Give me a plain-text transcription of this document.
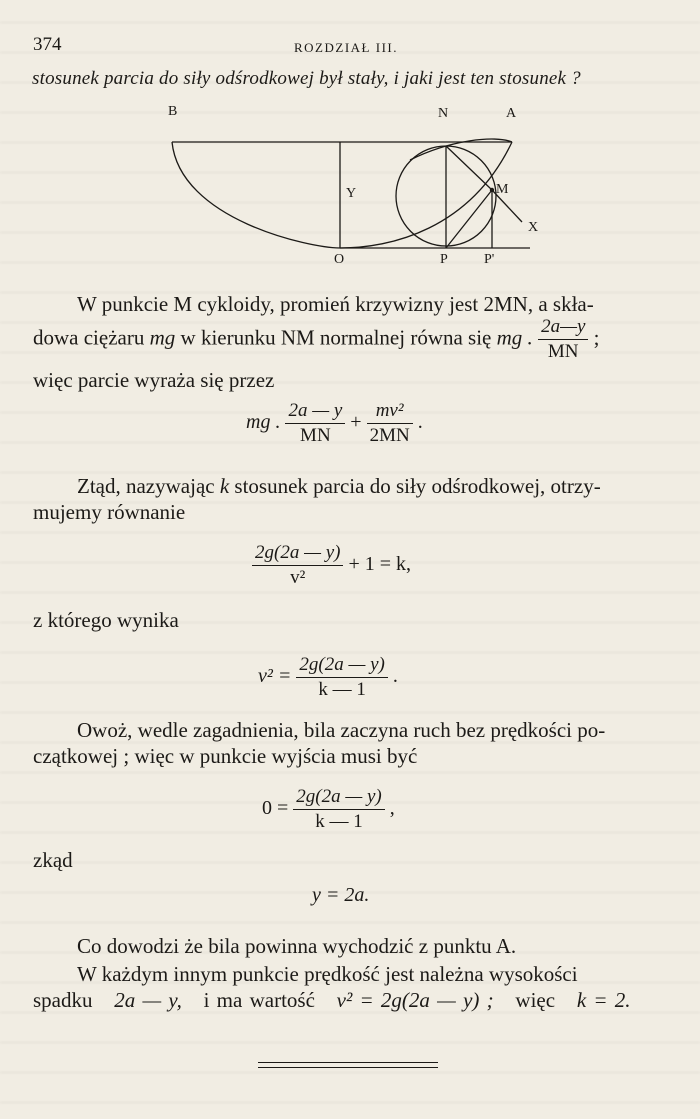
374	ROZDZIAŁ III.
stosunek parcia do siły odśrodkowej był stały, i jaki jest ten stosunek ?
B	A
N
M
Y
O	P	P'
X

W punkcie M cykloidy, promień krzywizny jest 2MN, a skła-

dowa ciężaru mg w kierunku NM normalnej równa się mg . $\frac{2a—y}{MN}$ ;

więc parcie wyraża się przez

mg . $\frac{2a — y}{MN} + \frac{\text{mv²}}{2MN}$ .
Ztąd, nazywając k stosunek parcia do siły odśrodkowej, otrzy-

mujemy równanie

$\frac{2g(2a — y)}{\text{v²}} + 1 = k$,

z którego wynika

$v^2 = \frac{2g(2a — y)}{k — 1}$ .

Owoż, wedle zagadnienia, bila zaczyna ruch bez prędkości po-

czątkowej ; więc w punkcie wyjścia musi być

$0 = \frac{2g(2a — y)}{k — 1}$ ,

zkąd

y = 2a.

Co dowodzi że bila powinna wychodzić z punktu A.

W każdym innym punkcie prędkość jest należna wysokości

spadku 2a — y, i ma wartość v² = 2g(2a — y) ; więc k = 2.
